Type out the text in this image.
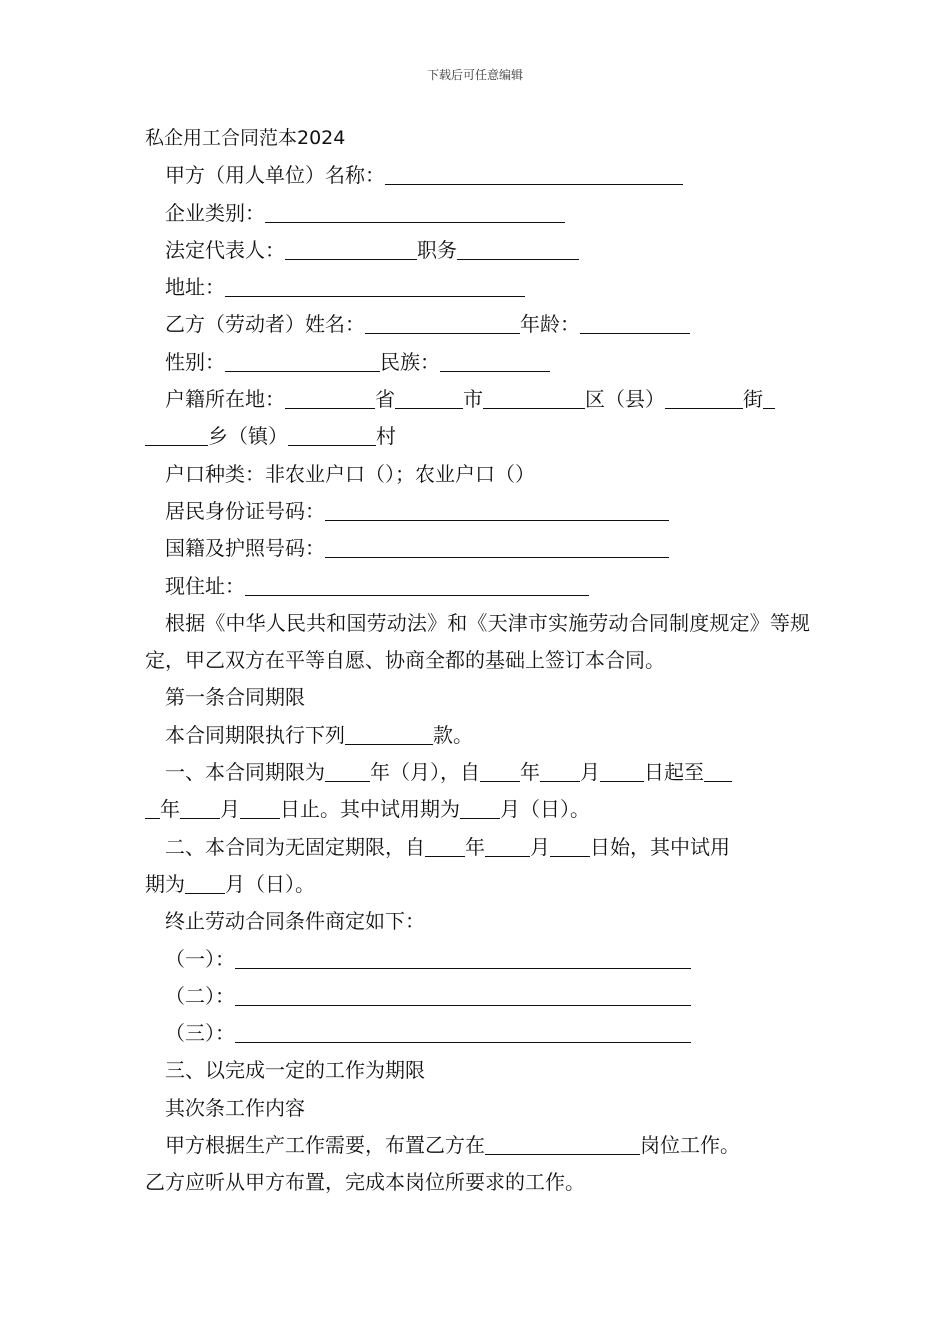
下载后可任意编辑
私企用工合同范本2024
甲方（用人单位）名称：
企业类别：
法定代表人：	职务
地址：
乙方（劳动者）姓名：	年龄：
性别：	民族：
户籍所在地：	省	市	区（县）	街
乡（镇）	村
户口种类：非农业户口（）；农业户口（）
居民身份证号码：
国籍及护照号码：
现住址：
根据《中华人民共和国劳动法》和《天津市实施劳动合同制度规定》等规定，甲乙双方在平等自愿、协商全都的基础上签订本合同。
第一条合同期限
本合同期限执行下列	款。
一、本合同期限为 年（月），自 年 月 日起至
年 月 日止。其中试用期为 月（日）。
二、本合同为无固定期限，自 年 月 日始，其中试用
期为 月（日）。
终止劳动合同条件商定如下：
（一）：
（二）：
（三）：
三、以完成一定的工作为期限
其次条工作内容
甲方根据生产工作需要，布置乙方在	岗位工作。
乙方应听从甲方布置，完成本岗位所要求的工作。
